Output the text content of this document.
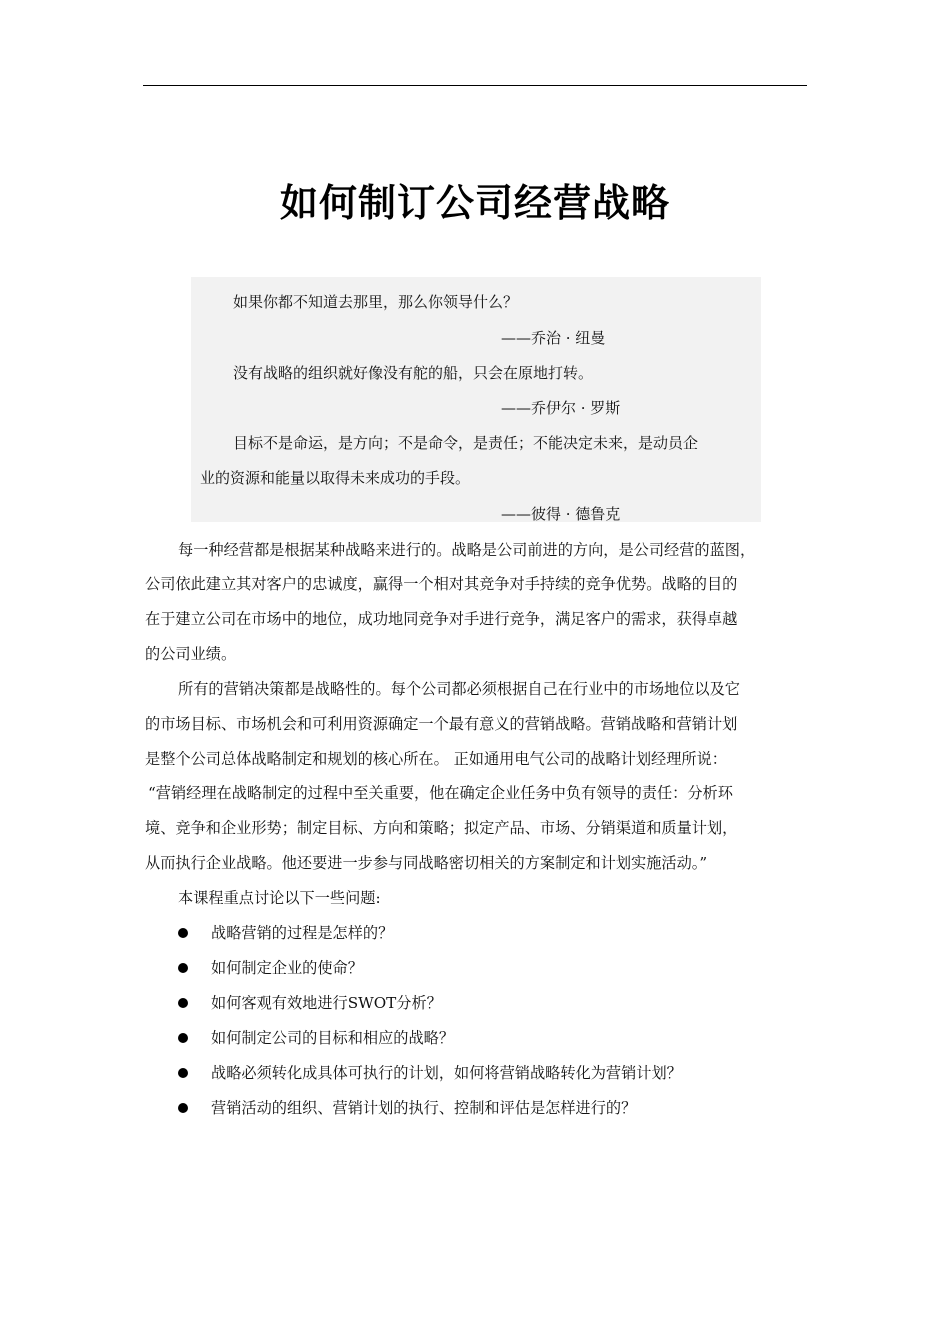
如何制订公司经营战略
如果你都不知道去那里，那么你领导什么？
——乔治 · 纽曼
没有战略的组织就好像没有舵的船，只会在原地打转。
——乔伊尔 · 罗斯
目标不是命运，是方向；不是命令，是责任；不能决定未来，是动员企
业的资源和能量以取得未来成功的手段。
——彼得 · 德鲁克
每一种经营都是根据某种战略来进行的。战略是公司前进的方向，是公司经营的蓝图，
公司依此建立其对客户的忠诚度，赢得一个相对其竞争对手持续的竞争优势。战略的目的
在于建立公司在市场中的地位，成功地同竞争对手进行竞争，满足客户的需求，获得卓越
的公司业绩。
所有的营销决策都是战略性的。每个公司都必须根据自己在行业中的市场地位以及它
的市场目标、市场机会和可利用资源确定一个最有意义的营销战略。营销战略和营销计划
是整个公司总体战略制定和规划的核心所在。 正如通用电气公司的战略计划经理所说：
“营销经理在战略制定的过程中至关重要，他在确定企业任务中负有领导的责任：分析环
境、竞争和企业形势；制定目标、方向和策略；拟定产品、市场、分销渠道和质量计划，
从而执行企业战略。他还要进一步参与同战略密切相关的方案制定和计划实施活动。”
本课程重点讨论以下一些问题:
战略营销的过程是怎样的？
如何制定企业的使命？
如何客观有效地进行SWOT分析？
如何制定公司的目标和相应的战略？
战略必须转化成具体可执行的计划，如何将营销战略转化为营销计划？
营销活动的组织、营销计划的执行、控制和评估是怎样进行的？
